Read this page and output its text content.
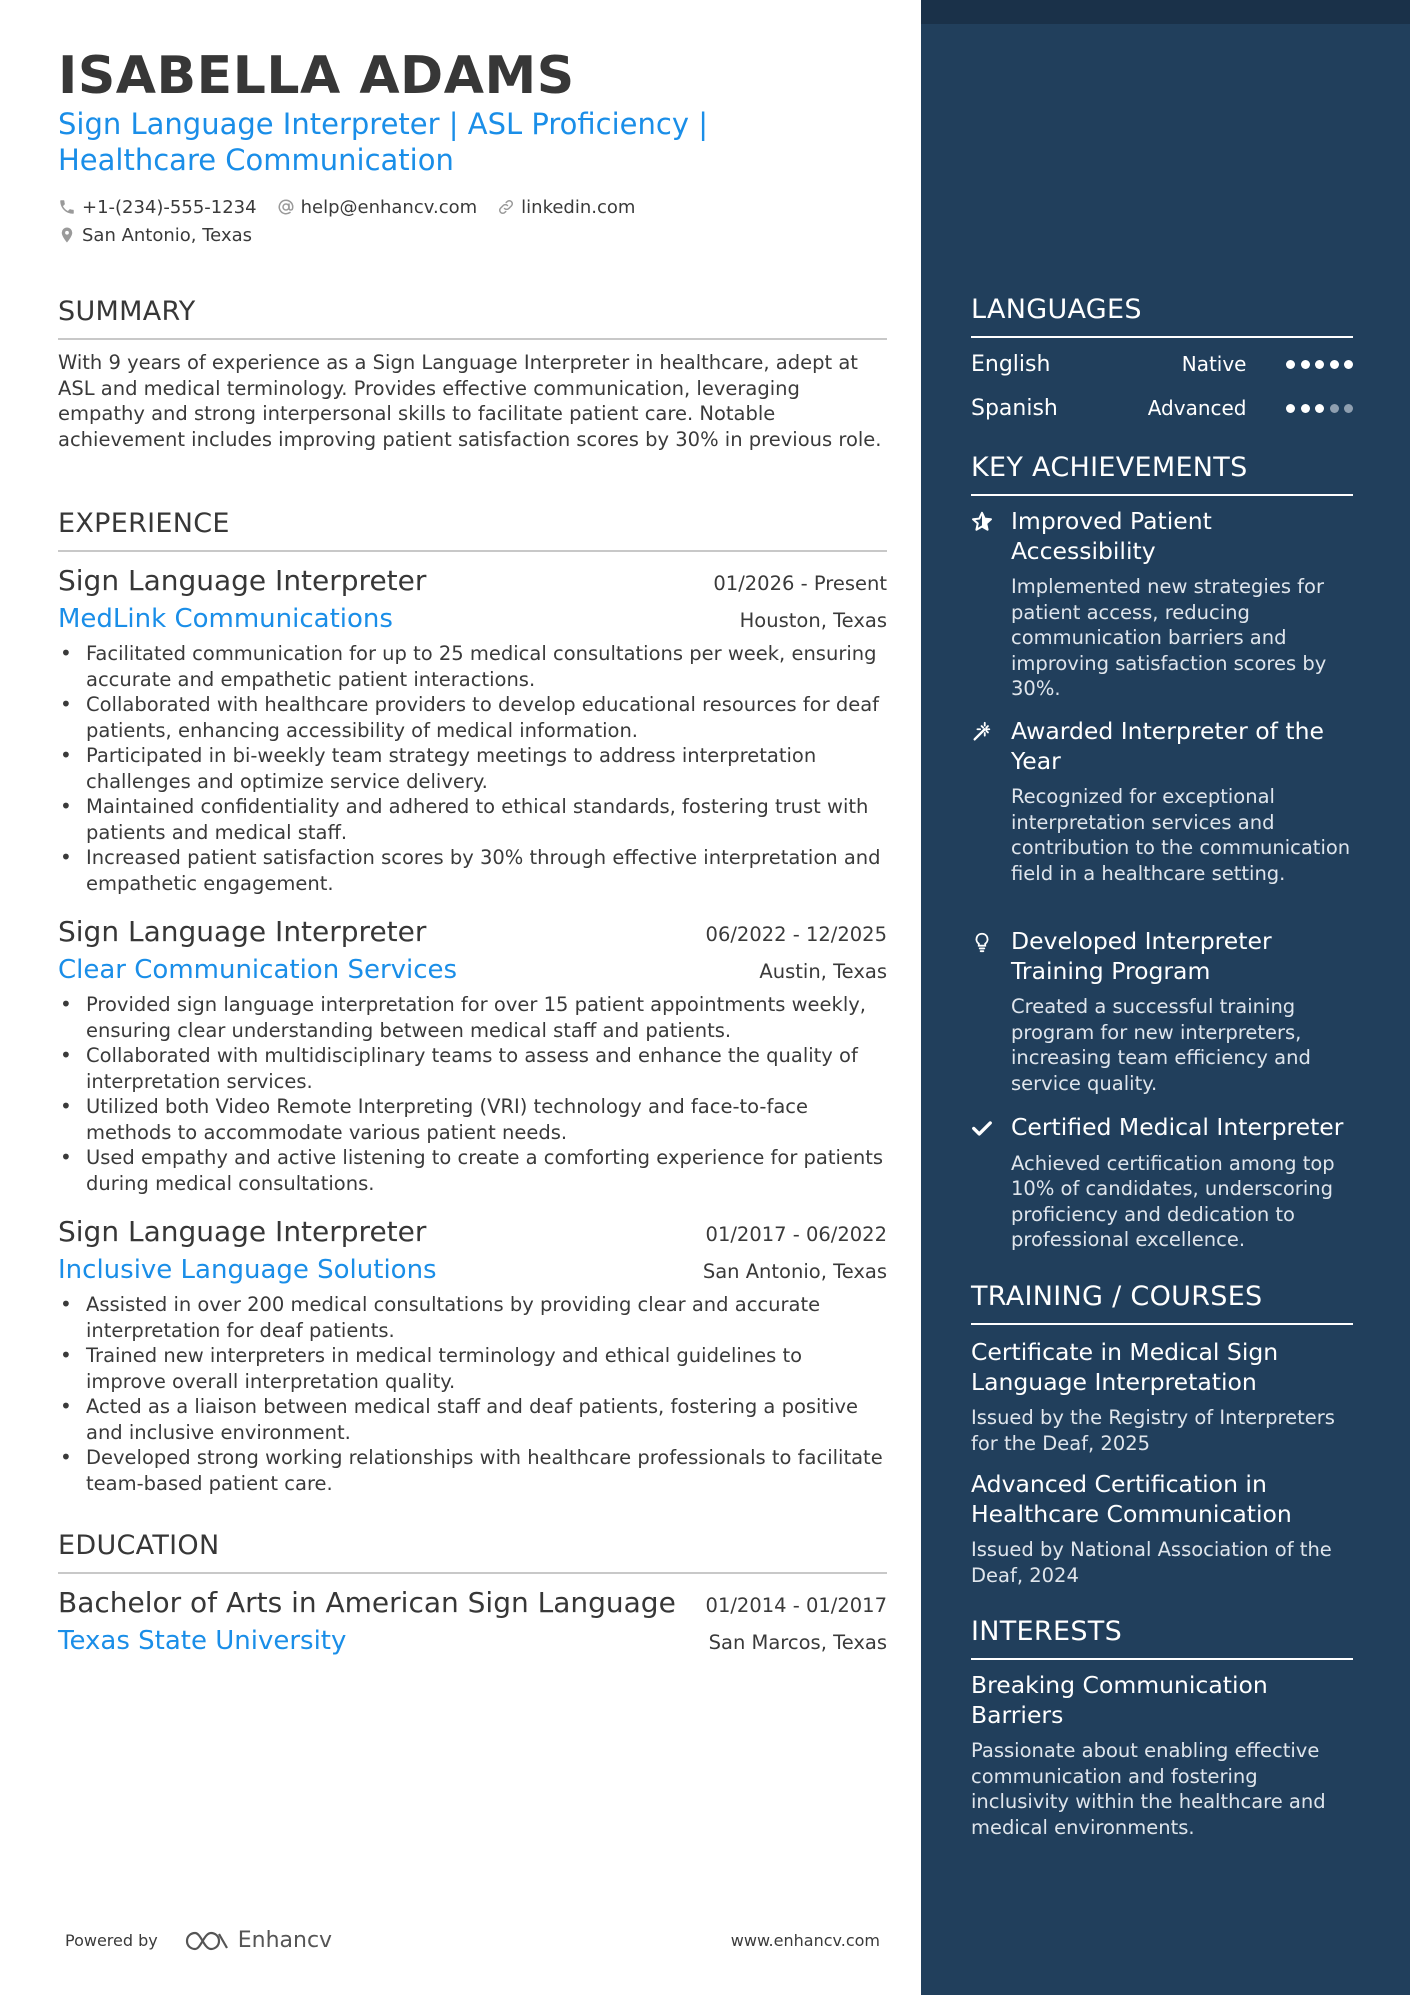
ISABELLA ADAMS
Sign Language Interpreter | ASL Proficiency |
Healthcare Communication
+1-(234)-555-1234 help@enhancv.com linkedin.com
San Antonio, Texas
SUMMARY
With 9 years of experience as a Sign Language Interpreter in healthcare, adept at ASL and medical terminology. Provides effective communication, leveraging empathy and strong interpersonal skills to facilitate patient care. Notable achievement includes improving patient satisfaction scores by 30% in previous role.
EXPERIENCE
Sign Language Interpreter	01/2026 - Present
MedLink Communications	Houston, Texas
• Facilitated communication for up to 25 medical consultations per week, ensuring accurate and empathetic patient interactions.
• Collaborated with healthcare providers to develop educational resources for deaf patients, enhancing accessibility of medical information.
• Participated in bi-weekly team strategy meetings to address interpretation challenges and optimize service delivery.
• Maintained confidentiality and adhered to ethical standards, fostering trust with patients and medical staff.
• Increased patient satisfaction scores by 30% through effective interpretation and empathetic engagement.
Sign Language Interpreter	06/2022 - 12/2025
Clear Communication Services	Austin, Texas
• Provided sign language interpretation for over 15 patient appointments weekly, ensuring clear understanding between medical staff and patients.
• Collaborated with multidisciplinary teams to assess and enhance the quality of interpretation services.
• Utilized both Video Remote Interpreting (VRI) technology and face-to-face methods to accommodate various patient needs.
• Used empathy and active listening to create a comforting experience for patients during medical consultations.
Sign Language Interpreter	01/2017 - 06/2022
Inclusive Language Solutions	San Antonio, Texas
• Assisted in over 200 medical consultations by providing clear and accurate interpretation for deaf patients.
• Trained new interpreters in medical terminology and ethical guidelines to improve overall interpretation quality.
• Acted as a liaison between medical staff and deaf patients, fostering a positive and inclusive environment.
• Developed strong working relationships with healthcare professionals to facilitate team-based patient care.
EDUCATION
Bachelor of Arts in American Sign Language 01/2014 - 01/2017
Texas State University	San Marcos, Texas
Powered by	Enhancv	www.enhancv.com
LANGUAGES
English	Native
Spanish	Advanced
KEY ACHIEVEMENTS
Improved Patient Accessibility
Implemented new strategies for patient access, reducing communication barriers and improving satisfaction scores by 30%.
Awarded Interpreter of the Year
Recognized for exceptional interpretation services and contribution to the communication field in a healthcare setting.
Developed Interpreter Training Program
Created a successful training program for new interpreters, increasing team efficiency and service quality.
Certified Medical Interpreter
Achieved certification among top 10% of candidates, underscoring proficiency and dedication to professional excellence.
TRAINING / COURSES
Certificate in Medical Sign Language Interpretation
Issued by the Registry of Interpreters for the Deaf, 2025
Advanced Certification in Healthcare Communication
Issued by National Association of the Deaf, 2024
INTERESTS
Breaking Communication Barriers
Passionate about enabling effective communication and fostering inclusivity within the healthcare and medical environments.
